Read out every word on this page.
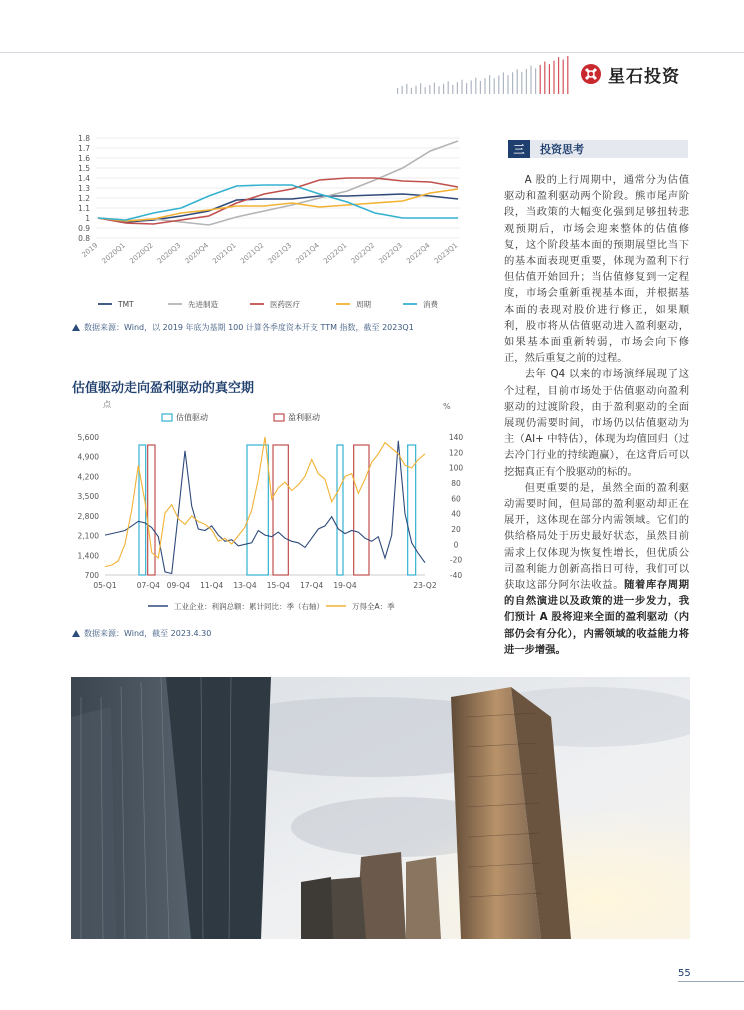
星石投资
0.8
0.9
1
1.1
1.2
1.3
1.4
1.5
1.6
1.7
1.8
2019 2020Q1 2020Q2 2020Q3 2020Q4 2021Q1 2021Q2 2021Q3 2021Q4 2022Q1 2022Q2 2022Q3 2022Q4 2023Q1
TMT	先进制造	医药医疗	周期	消费
数据来源：Wind，以 2019 年底为基期 100 计算各季度资本开支 TTM 指数，截至 2023Q1
估值驱动走向盈利驱动的真空期
估值驱动	盈利驱动
点	%
700
1,400
2,100
2,800
3,500
4,200
4,900
5,600
-40
-20
0
20
40
60
80
100
120
140
05-Q1	07-Q4 09-Q4 11-Q4 13-Q4 15-Q4 17-Q4 19-Q4	23-Q2
工业企业：利润总额：累计同比：季（右轴）	万得全A：季
数据来源：Wind，截至 2023.4.30
三	投资思考

A 股的上行周期中，通常分为估值驱动和盈利驱动两个阶段。熊市尾声阶段，当政策的大幅变化强到足够扭转悲观预期后，市场会迎来整体的估值修复，这个阶段基本面的预期展望比当下的基本面表现更重要，体现为盈利下行但估值开始回升；当估值修复到一定程度，市场会重新重视基本面，并根据基本面的表现对股价进行修正，如果顺利，股市将从估值驱动进入盈利驱动，如果基本面重新转弱，市场会向下修正，然后重复之前的过程。

去年 Q4 以来的市场演绎展现了这个过程，目前市场处于估值驱动向盈利驱动的过渡阶段，由于盈利驱动的全面展现仍需要时间，市场仍以估值驱动为主（AI+ 中特估），体现为均值回归（过去冷门行业的持续跑赢），在这背后可以挖掘真正有个股驱动的标的。

但更重要的是，虽然全面的盈利驱动需要时间，但局部的盈利驱动却正在展开，这体现在部分内需领域。它们的供给格局处于历史最好状态，虽然目前需求上仅体现为恢复性增长，但优质公司盈利能力创新高指日可待，我们可以获取这部分阿尔法收益。随着库存周期的自然演进以及政策的进一步发力，我们预计 A 股将迎来全面的盈利驱动（内部仍会有分化），内需领域的收益能力将进一步增强。

55
